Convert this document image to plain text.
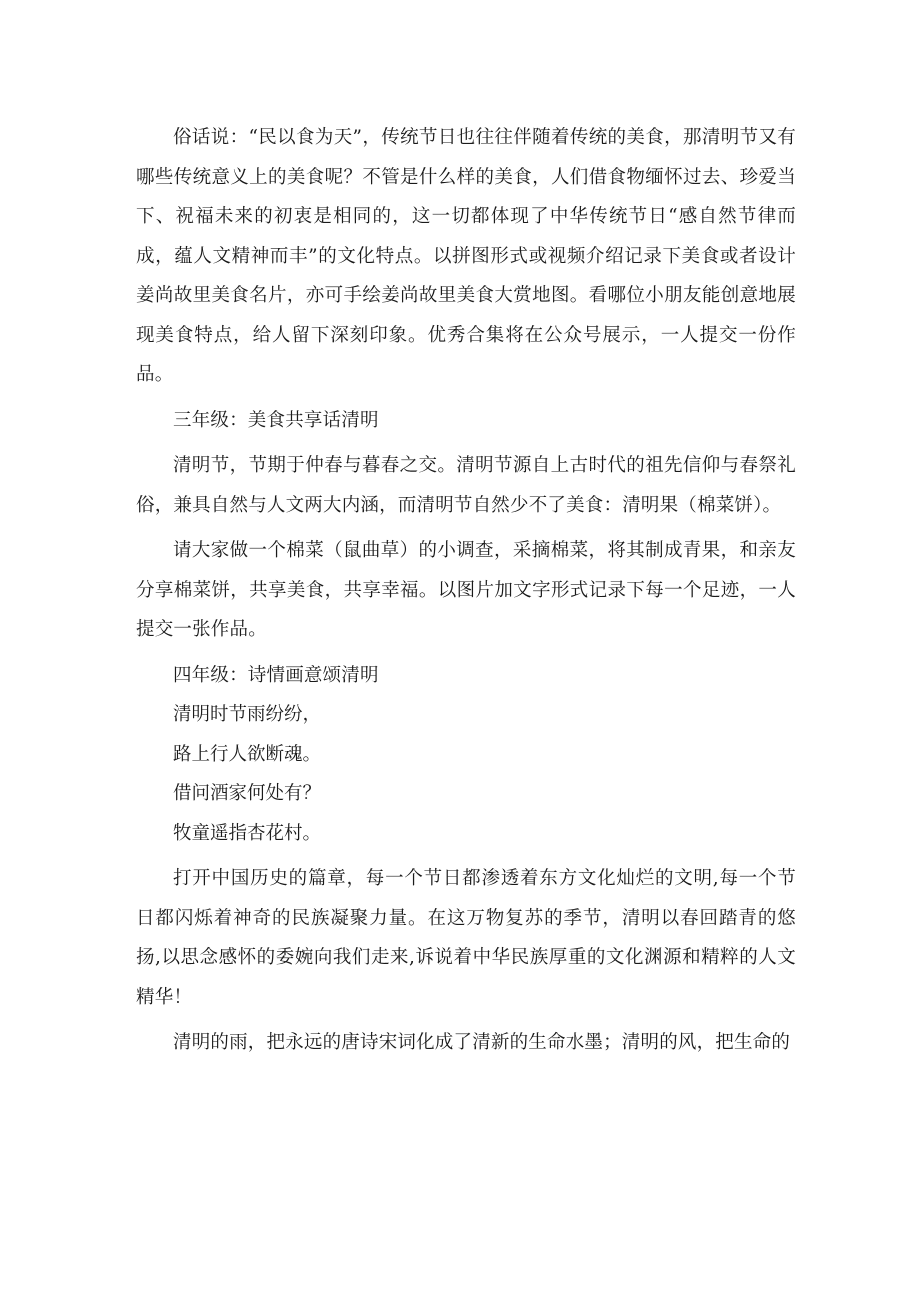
俗话说：“民以食为天”，传统节日也往往伴随着传统的美食，那清明节又有哪些传统意义上的美食呢？不管是什么样的美食，人们借食物缅怀过去、珍爱当下、祝福未来的初衷是相同的，这一切都体现了中华传统节日“感自然节律而成，蕴人文精神而丰”的文化特点。以拼图形式或视频介绍记录下美食或者设计姜尚故里美食名片，亦可手绘姜尚故里美食大赏地图。看哪位小朋友能创意地展现美食特点，给人留下深刻印象。优秀合集将在公众号展示，一人提交一份作品。

三年级：美食共享话清明

清明节，节期于仲春与暮春之交。清明节源自上古时代的祖先信仰与春祭礼俗，兼具自然与人文两大内涵，而清明节自然少不了美食：清明果（棉菜饼）。

请大家做一个棉菜（鼠曲草）的小调查，采摘棉菜，将其制成青果，和亲友分享棉菜饼，共享美食，共享幸福。以图片加文字形式记录下每一个足迹，一人提交一张作品。

四年级：诗情画意颂清明

清明时节雨纷纷，

路上行人欲断魂。

借问酒家何处有？

牧童遥指杏花村。

打开中国历史的篇章，每一个节日都渗透着东方文化灿烂的文明,每一个节日都闪烁着神奇的民族凝聚力量。在这万物复苏的季节，清明以春回踏青的悠扬,以思念感怀的委婉向我们走来,诉说着中华民族厚重的文化渊源和精粹的人文精华！

清明的雨，把永远的唐诗宋词化成了清新的生命水墨；清明的风，把生命的
